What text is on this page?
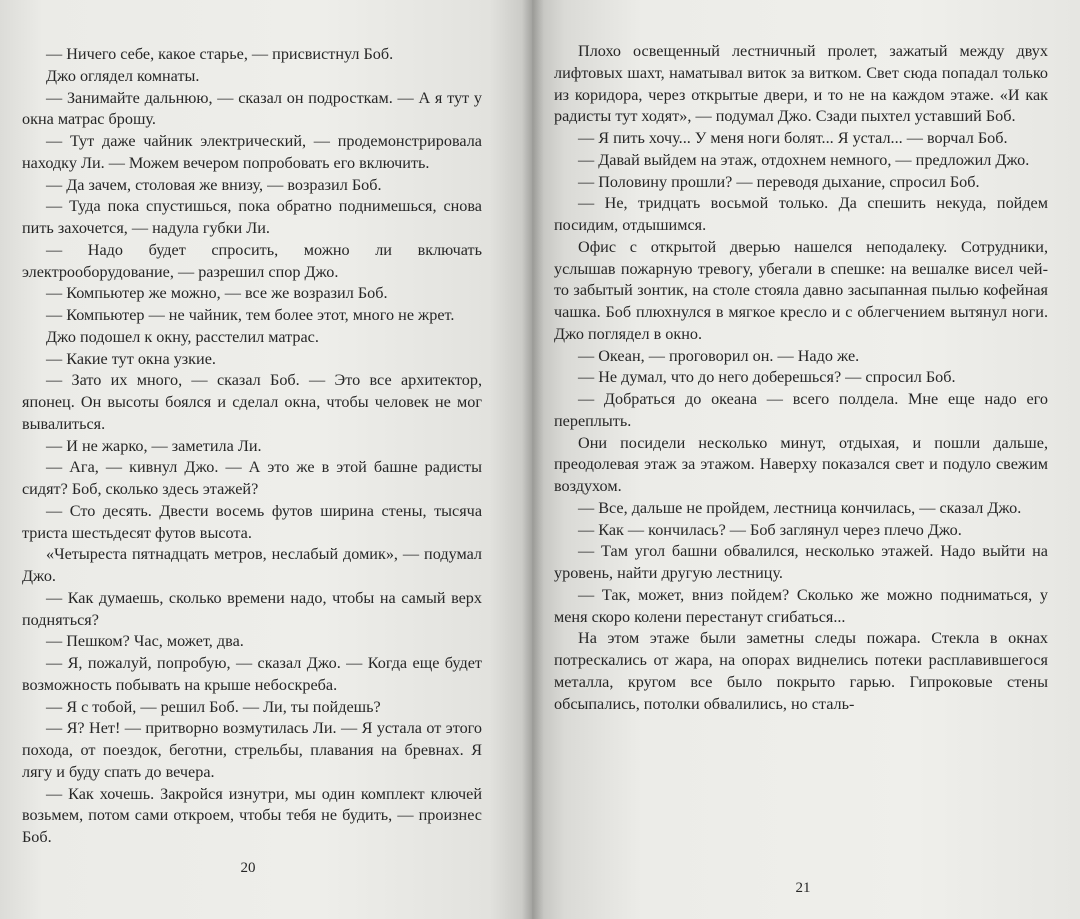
— Ничего себе, какое старье, — присвистнул Боб.

Джо оглядел комнаты.

— Занимайте дальнюю, — сказал он подросткам. — А я тут у окна матрас брошу.

— Тут даже чайник электрический, — продемонстрировала находку Ли. — Можем вечером попробовать его включить.

— Да зачем, столовая же внизу, — возразил Боб.

— Туда пока спустишься, пока обратно поднимешься, снова пить захочется, — надула губки Ли.

— Надо будет спросить, можно ли включать электрооборудование, — разрешил спор Джо.

— Компьютер же можно, — все же возразил Боб.

— Компьютер — не чайник, тем более этот, много не жрет.

Джо подошел к окну, расстелил матрас.

— Какие тут окна узкие.

— Зато их много, — сказал Боб. — Это все архитектор, японец. Он высоты боялся и сделал окна, чтобы человек не мог вывалиться.

— И не жарко, — заметила Ли.

— Ага, — кивнул Джо. — А это же в этой башне радисты сидят? Боб, сколько здесь этажей?

— Сто десять. Двести восемь футов ширина стены, тысяча триста шестьдесят футов высота.

«Четыреста пятнадцать метров, неслабый домик», — подумал Джо.

— Как думаешь, сколько времени надо, чтобы на самый верх подняться?

— Пешком? Час, может, два.

— Я, пожалуй, попробую, — сказал Джо. — Когда еще будет возможность побывать на крыше небоскреба.

— Я с тобой, — решил Боб. — Ли, ты пойдешь?

— Я? Нет! — притворно возмутилась Ли. — Я устала от этого похода, от поездок, беготни, стрельбы, плавания на бревнах. Я лягу и буду спать до вечера.

— Как хочешь. Закройся изнутри, мы один комплект ключей возьмем, потом сами откроем, чтобы тебя не будить, — произнес Боб.

20

Плохо освещенный лестничный пролет, зажатый между двух лифтовых шахт, наматывал виток за витком. Свет сюда попадал только из коридора, через открытые двери, и то не на каждом этаже. «И как радисты тут ходят», — подумал Джо. Сзади пыхтел уставший Боб.

— Я пить хочу... У меня ноги болят... Я устал... — ворчал Боб.

— Давай выйдем на этаж, отдохнем немного, — предложил Джо.

— Половину прошли? — переводя дыхание, спросил Боб.

— Не, тридцать восьмой только. Да спешить некуда, пойдем посидим, отдышимся.

Офис с открытой дверью нашелся неподалеку. Сотрудники, услышав пожарную тревогу, убегали в спешке: на вешалке висел чей-то забытый зонтик, на столе стояла давно засыпанная пылью кофейная чашка. Боб плюхнулся в мягкое кресло и с облегчением вытянул ноги. Джо поглядел в окно.

— Океан, — проговорил он. — Надо же.

— Не думал, что до него доберешься? — спросил Боб.

— Добраться до океана — всего полдела. Мне еще надо его переплыть.

Они посидели несколько минут, отдыхая, и пошли дальше, преодолевая этаж за этажом. Наверху показался свет и подуло свежим воздухом.

— Все, дальше не пройдем, лестница кончилась, — сказал Джо.

— Как — кончилась? — Боб заглянул через плечо Джо.

— Там угол башни обвалился, несколько этажей. Надо выйти на уровень, найти другую лестницу.

— Так, может, вниз пойдем? Сколько же можно подниматься, у меня скоро колени перестанут сгибаться...

На этом этаже были заметны следы пожара. Стекла в окнах потрескались от жара, на опорах виднелись потеки расплавившегося металла, кругом все было покрыто гарью. Гипроковые стены обсыпались, потолки обвалились, но сталь-

21
